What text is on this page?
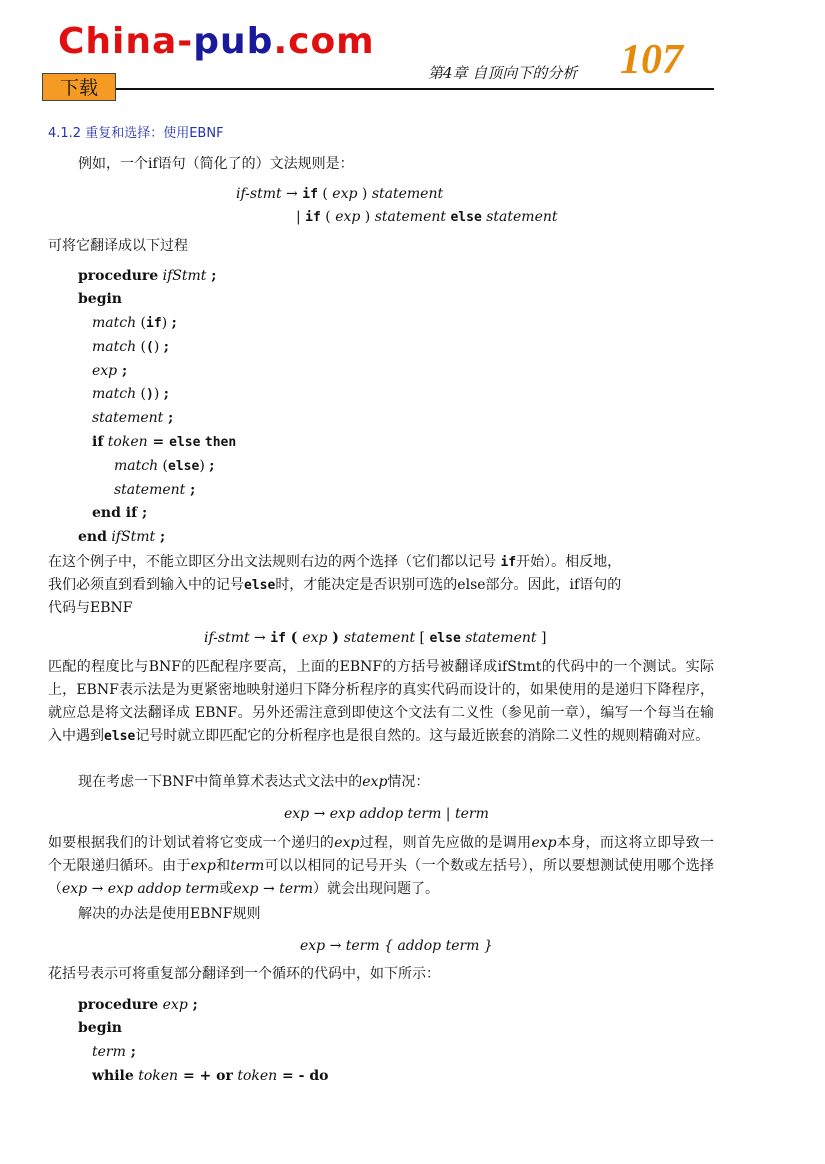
China-pub.com
下载
第4章 自顶向下的分析 107
4.1.2 重复和选择：使用EBNF
例如，一个if语句（简化了的）文法规则是：
if-stmt → if ( exp ) statement
| if ( exp ) statement else statement
可将它翻译成以下过程
procedure ifStmt ;
begin
match (if) ;
match (() ;
exp ;
match ()) ;
statement ;
if token = else then
match (else) ;
statement ;
end if ;
end ifStmt ;
在这个例子中，不能立即区分出文法规则右边的两个选择（它们都以记号 if开始）。相反地，
我们必须直到看到输入中的记号else时，才能决定是否识别可选的else部分。因此，if语句的
代码与EBNF
if-stmt → if ( exp ) statement [ else statement ]
匹配的程度比与BNF的匹配程序要高，上面的EBNF的方括号被翻译成ifStmt的代码中的一个测试。实际上，EBNF表示法是为更紧密地映射递归下降分析程序的真实代码而设计的，如果使用的是递归下降程序，就应总是将文法翻译成 EBNF。另外还需注意到即使这个文法有二义性（参见前一章），编写一个每当在输入中遇到else记号时就立即匹配它的分析程序也是很自然的。这与最近嵌套的消除二义性的规则精确对应。
现在考虑一下BNF中简单算术表达式文法中的exp情况：
exp → exp addop term | term
如要根据我们的计划试着将它变成一个递归的exp过程，则首先应做的是调用exp本身，而这将立即导致一个无限递归循环。由于exp和term可以以相同的记号开头（一个数或左括号），所以要想测试使用哪个选择（exp → exp addop term或exp → term）就会出现问题了。
解决的办法是使用EBNF规则
exp → term { addop term }
花括号表示可将重复部分翻译到一个循环的代码中，如下所示：
procedure exp ;
begin
term ;
while token = + or token = - do
